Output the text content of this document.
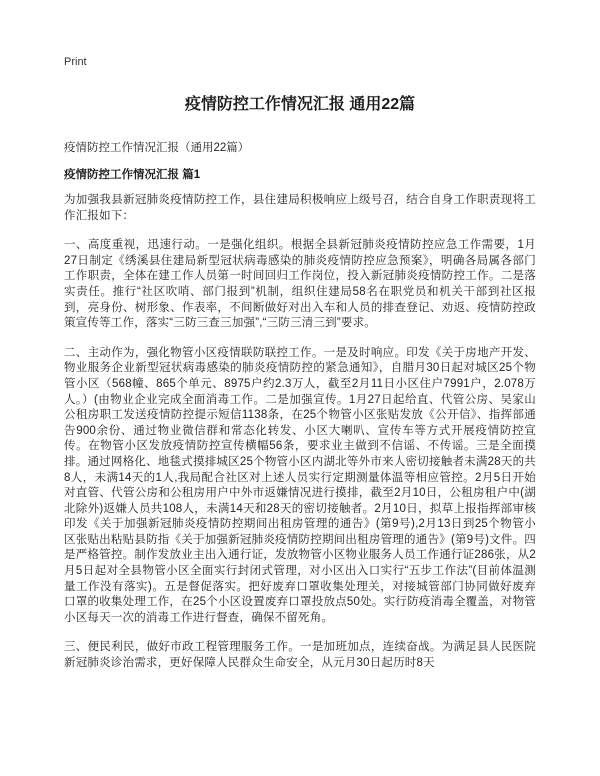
Print
疫情防控工作情况汇报 通用22篇
疫情防控工作情况汇报（通用22篇）
疫情防控工作情况汇报 篇1

为加强我县新冠肺炎疫情防控工作，县住建局积极响应上级号召，结合自身工作职责现将工作汇报如下：

一、高度重视，迅速行动。一是强化组织。根据全县新冠肺炎疫情防控应急工作需要，1月27日制定《绣溪县住建局新型冠状病毒感染的肺炎疫情防控应急预案》，明确各局属各部门工作职责，全体在建工作人员第一时间回归工作岗位，投入新冠肺炎疫情防控工作。二是落实责任。推行“社区吹哨、部门报到”机制，组织住建局58名在职党员和机关干部到社区报到，亮身份、树形象、作表率，不间断做好对出入车和人员的排查登记、劝返、疫情防控政策宣传等工作，落实“三防三查三加强”,“三防三清三到”要求。

二、主动作为，强化物管小区疫情联防联控工作。一是及时响应。印发《关于房地产开发、物业服务企业新型冠状病毒感染的肺炎疫情防控的紧急通知》，自腊月30日起对城区25个物管小区（568幢、865个单元、8975户约2.3万人，截至2月11日小区住户7991户，2.078万人。）(由物业企业完成全面消毒工作。二是加强宣传。1月27日起给直、代管公房、吴家山公租房职工发送疫情防控提示短信1138条，在25个物管小区张贴发放《公开信》、指挥部通告900余份、通过物业微信群和常态化转发、小区大喇叭、宣传车等方式开展疫情防控宣传。在物管小区发放疫情防控宣传横幅56条，要求业主做到不信谣、不传谣。三是全面摸排。通过网格化、地毯式摸排城区25个物管小区内湖北等外市来人密切接触者未满28天的共8人，未满14天的1人,我局配合社区对上述人员实行定期测量体温等相应管控。2月5日开始对直管、代管公房和公租房用户中外市返嫌情况进行摸排，截至2月10日，公租房租户中(湖北除外)返嫌人员共108人，未满14天和28天的密切接触者。2月10日，拟草上报指挥部审核印发《关于加强新冠肺炎疫情防控期间出租房管理的通告》(第9号),2月13日到25个物管小区张贴出粘贴县防指《关于加强新冠肺炎疫情防控期间出租房管理的通告》(第9号)文件。四是严格管控。制作发放业主出入通行证，发放物管小区物业服务人员工作通行证286张，从2月5日起对全县物管小区全面实行封闭式管理，对小区出入口实行“五步工作法”(目前体温测量工作没有落实)。五是督促落实。把好废弃口罩收集处理关，对接城管部门协同做好废弃口罩的收集处理工作，在25个小区设置废弃口罩投放点50处。实行防疫消毒全覆盖，对物管小区每天一次的消毒工作进行督查，确保不留死角。

三、便民利民，做好市政工程管理服务工作。一是加班加点，连续奋战。为满足县人民医院新冠肺炎诊治需求，更好保障人民群众生命安全，从元月30日起历时8天
